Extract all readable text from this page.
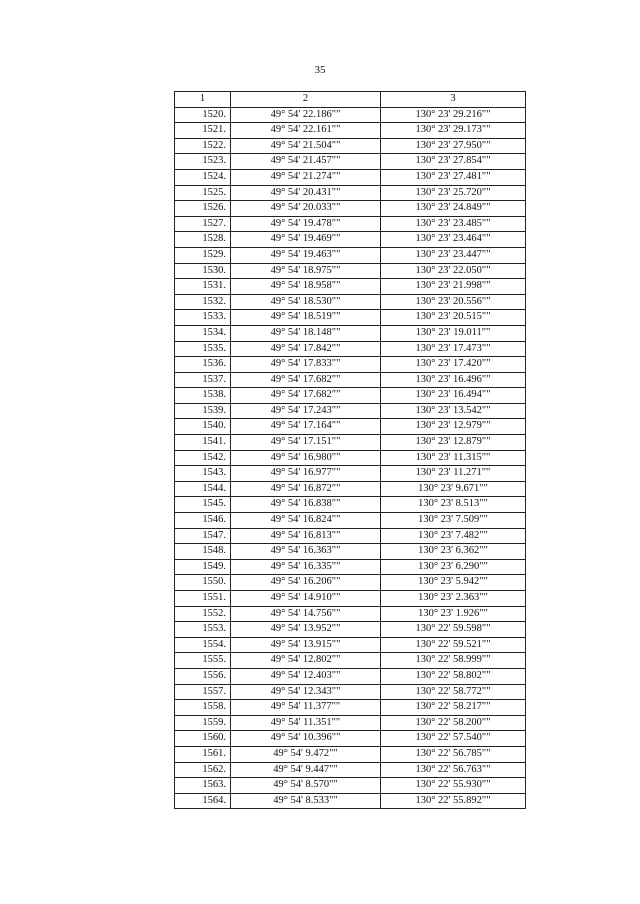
35
1	2	3
1520.	49° 54' 22.186""	130° 23' 29.216""
1521.	49° 54' 22.161""	130° 23' 29.173""
1522.	49° 54' 21.504""	130° 23' 27.950""
1523.	49° 54' 21.457""	130° 23' 27.854""
1524.	49° 54' 21.274""	130° 23' 27.481""
1525.	49° 54' 20.431""	130° 23' 25.720""
1526.	49° 54' 20.033""	130° 23' 24.849""
1527.	49° 54' 19.478""	130° 23' 23.485""
1528.	49° 54' 19.469""	130° 23' 23.464""
1529.	49° 54' 19.463""	130° 23' 23.447""
1530.	49° 54' 18.975""	130° 23' 22.050""
1531.	49° 54' 18.958""	130° 23' 21.998""
1532.	49° 54' 18.530""	130° 23' 20.556""
1533.	49° 54' 18.519""	130° 23' 20.515""
1534.	49° 54' 18.148""	130° 23' 19.011""
1535.	49° 54' 17.842""	130° 23' 17.473""
1536.	49° 54' 17.833""	130° 23' 17.420""
1537.	49° 54' 17.682""	130° 23' 16.496""
1538.	49° 54' 17.682""	130° 23' 16.494""
1539.	49° 54' 17.243""	130° 23' 13.542""
1540.	49° 54' 17.164""	130° 23' 12.979""
1541.	49° 54' 17.151""	130° 23' 12.879""
1542.	49° 54' 16.980""	130° 23' 11.315""
1543.	49° 54' 16.977""	130° 23' 11.271""
1544.	49° 54' 16.872""	130° 23' 9.671""
1545.	49° 54' 16.838""	130° 23' 8.513""
1546.	49° 54' 16.824""	130° 23' 7.509""
1547.	49° 54' 16.813""	130° 23' 7.482""
1548.	49° 54' 16.363""	130° 23' 6.362""
1549.	49° 54' 16.335""	130° 23' 6.290""
1550.	49° 54' 16.206""	130° 23' 5.942""
1551.	49° 54' 14.910""	130° 23' 2.363""
1552.	49° 54' 14.756""	130° 23' 1.926""
1553.	49° 54' 13.952""	130° 22' 59.598""
1554.	49° 54' 13.915""	130° 22' 59.521""
1555.	49° 54' 12.802""	130° 22' 58.999""
1556.	49° 54' 12.403""	130° 22' 58.802""
1557.	49° 54' 12.343""	130° 22' 58.772""
1558.	49° 54' 11.377""	130° 22' 58.217""
1559.	49° 54' 11.351""	130° 22' 58.200""
1560.	49° 54' 10.396""	130° 22' 57.540""
1561.	49° 54' 9.472""	130° 22' 56.785""
1562.	49° 54' 9.447""	130° 22' 56.763""
1563.	49° 54' 8.570""	130° 22' 55.930""
1564.	49° 54' 8.533""	130° 22' 55.892""
